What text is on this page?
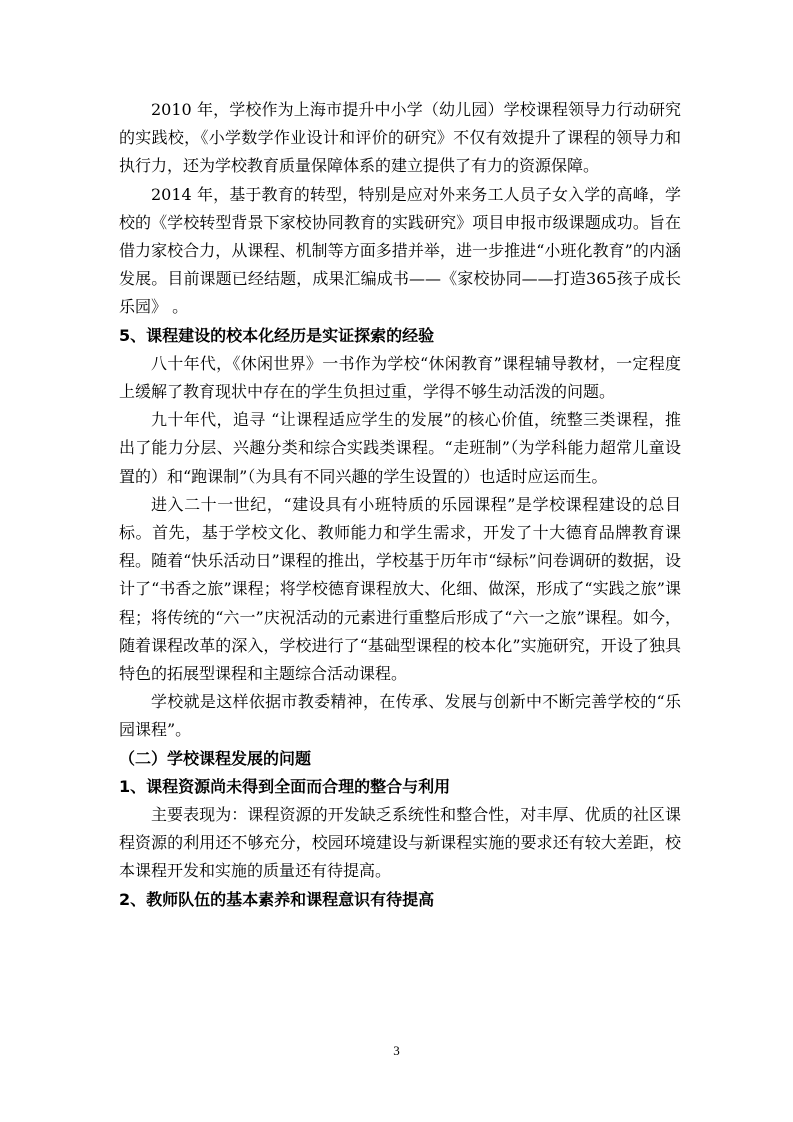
2010 年，学校作为上海市提升中小学（幼儿园）学校课程领导力行动研究的实践校，《小学数学作业设计和评价的研究》不仅有效提升了课程的领导力和执行力，还为学校教育质量保障体系的建立提供了有力的资源保障。

2014 年，基于教育的转型，特别是应对外来务工人员子女入学的高峰，学校的《学校转型背景下家校协同教育的实践研究》项目申报市级课题成功。旨在借力家校合力，从课程、机制等方面多措并举，进一步推进“小班化教育”的内涵发展。目前课题已经结题，成果汇编成书——《家校协同——打造365孩子成长乐园》 。

5、课程建设的校本化经历是实证探索的经验

八十年代，《休闲世界》一书作为学校“休闲教育”课程辅导教材，一定程度上缓解了教育现状中存在的学生负担过重，学得不够生动活泼的问题。

九十年代，追寻 “让课程适应学生的发展”的核心价值，统整三类课程，推出了能力分层、兴趣分类和综合实践类课程。“走班制”（为学科能力超常儿童设置的）和“跑课制”（为具有不同兴趣的学生设置的）也适时应运而生。

进入二十一世纪，“建设具有小班特质的乐园课程”是学校课程建设的总目标。首先，基于学校文化、教师能力和学生需求，开发了十大德育品牌教育课程。随着“快乐活动日”课程的推出，学校基于历年市“绿标”问卷调研的数据，设计了“书香之旅”课程；将学校德育课程放大、化细、做深，形成了“实践之旅”课程；将传统的“六一”庆祝活动的元素进行重整后形成了“六一之旅”课程。如今，随着课程改革的深入，学校进行了“基础型课程的校本化”实施研究，开设了独具特色的拓展型课程和主题综合活动课程。

学校就是这样依据市教委精神，在传承、发展与创新中不断完善学校的“乐园课程”。

（二）学校课程发展的问题

1、课程资源尚未得到全面而合理的整合与利用

主要表现为：课程资源的开发缺乏系统性和整合性，对丰厚、优质的社区课程资源的利用还不够充分，校园环境建设与新课程实施的要求还有较大差距，校本课程开发和实施的质量还有待提高。

2、教师队伍的基本素养和课程意识有待提高

3
